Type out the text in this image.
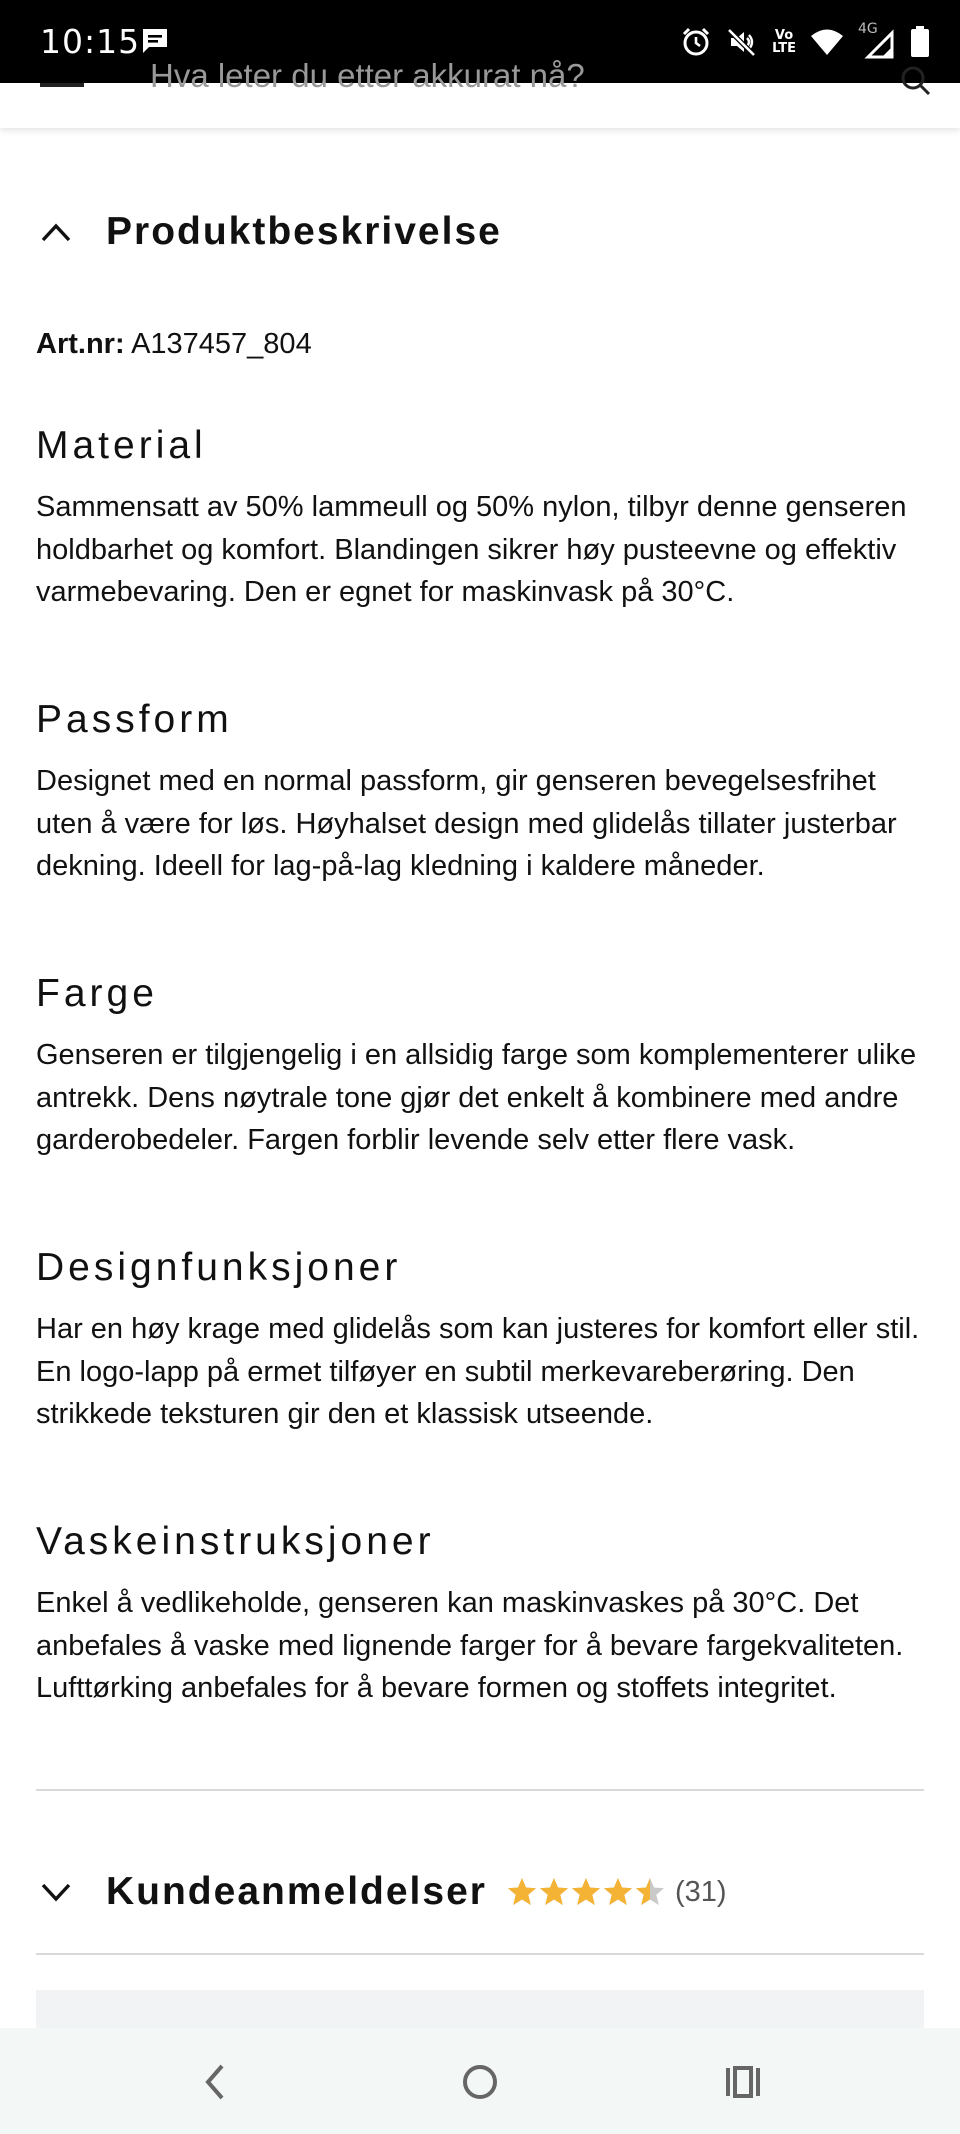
10:15	Vo
LTE
4G
Hva leter du etter akkurat nå?
Produktbeskrivelse
Art.nr: A137457_804
Material
Sammensatt av 50% lammeull og 50% nylon, tilbyr denne genseren holdbarhet og komfort. Blandingen sikrer høy pusteevne og effektiv varmebevaring. Den er egnet for maskinvask på 30°C.
Passform
Designet med en normal passform, gir genseren bevegelsesfrihet uten å være for løs. Høyhalset design med glidelås tillater justerbar dekning. Ideell for lag-på-lag kledning i kaldere måneder.
Farge
Genseren er tilgjengelig i en allsidig farge som komplementerer ulike antrekk. Dens nøytrale tone gjør det enkelt å kombinere med andre garderobedeler. Fargen forblir levende selv etter flere vask.
Designfunksjoner
Har en høy krage med glidelås som kan justeres for komfort eller stil. En logo-lapp på ermet tilføyer en subtil merkevareberøring. Den strikkede teksturen gir den et klassisk utseende.
Vaskeinstruksjoner
Enkel å vedlikeholde, genseren kan maskinvaskes på 30°C. Det anbefales å vaske med lignende farger for å bevare fargekvaliteten. Lufttørking anbefales for å bevare formen og stoffets integritet.
Kundeanmeldelser	(31)
